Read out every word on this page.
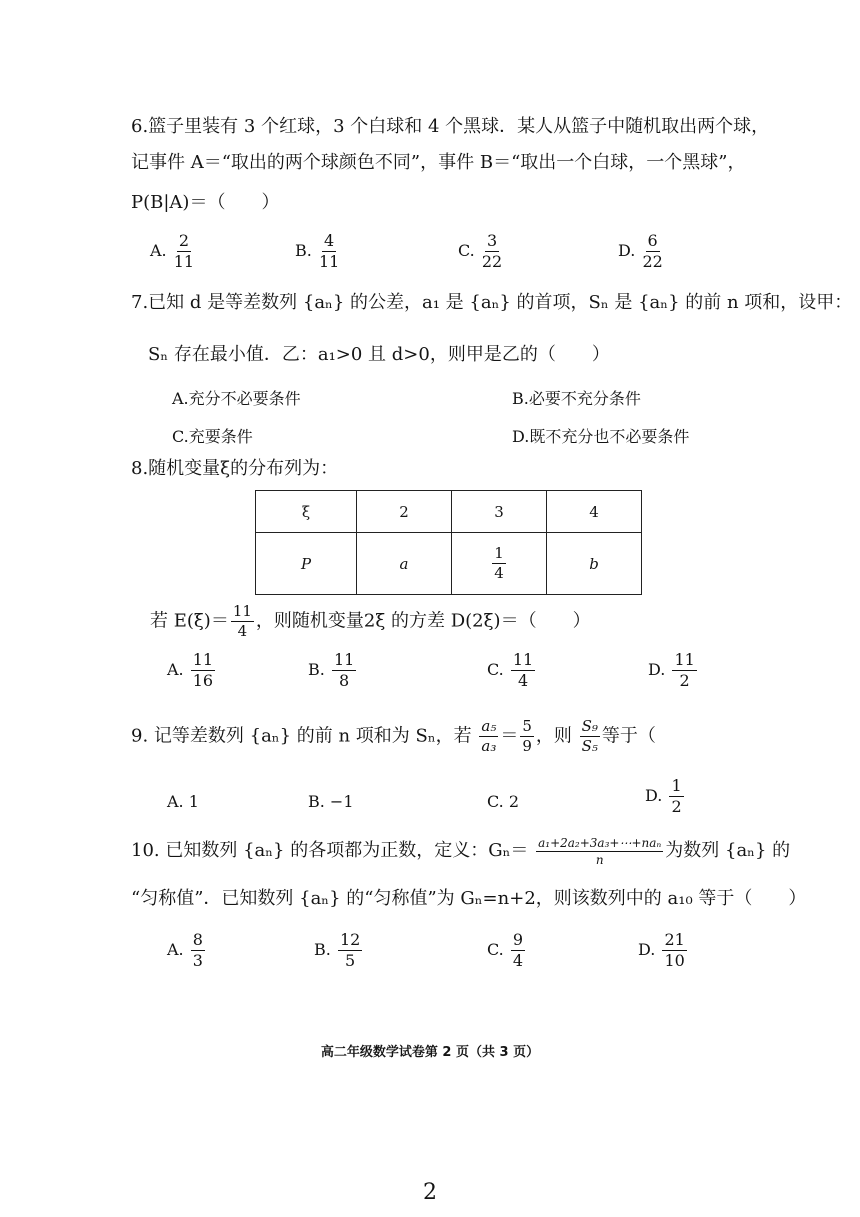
6.篮子里装有 3 个红球，3 个白球和 4 个黑球．某人从篮子中随机取出两个球，
记事件 A＝“取出的两个球颜色不同”，事件 B＝“取出一个白球，一个黑球”，
P(B|A)＝（　　）
A. $\frac{2}{11}$	B. $\frac{4}{11}$	C. $\frac{3}{22}$	D. $\frac{6}{22}$
7.已知 d 是等差数列 {aₙ} 的公差，a₁ 是 {aₙ} 的首项，Sₙ 是 {aₙ} 的前 n 项和，设甲：
Sₙ 存在最小值．乙：a₁>0 且 d>0，则甲是乙的（　　）
A.充分不必要条件	B.必要不充分条件
C.充要条件	D.既不充分也不必要条件
8.随机变量ξ的分布列为：
ξ	2	3	4
P	a	$\frac{1}{4}$	b
若 $E(\xi)= \frac{11}{4}$ ，则随机变量2ξ 的方差 D(2ξ)＝（　　）
A. $\frac{11}{16}$	B. $\frac{11}{8}$	C. $\frac{11}{4}$	D. $\frac{11}{2}$
9. 记等差数列 {aₙ} 的前 n 项和为 Sₙ，若 $\frac{\text{a₅}}{\text{a₃}} = \frac{5}{9}$ ，则 $\frac{\text{S₉}}{\text{S₅}}$ 等于（
A. 1	B. −1	C. 2	D. $\frac{1}{2}$
10. 已知数列 {aₙ} 的各项都为正数，定义：$G_n= \frac{\text{a₁+2a₂+3a₃+⋯+naₙ}}{n}$ 为数列 {aₙ} 的
“匀称值”．已知数列 {aₙ} 的“匀称值”为 Gₙ=n+2，则该数列中的 a₁₀ 等于（　　）
A. $\frac{8}{3}$	B. $\frac{12}{5}$	C. $\frac{9}{4}$	D. $\frac{21}{10}$
高二年级数学试卷第 2 页（共 3 页）
2
